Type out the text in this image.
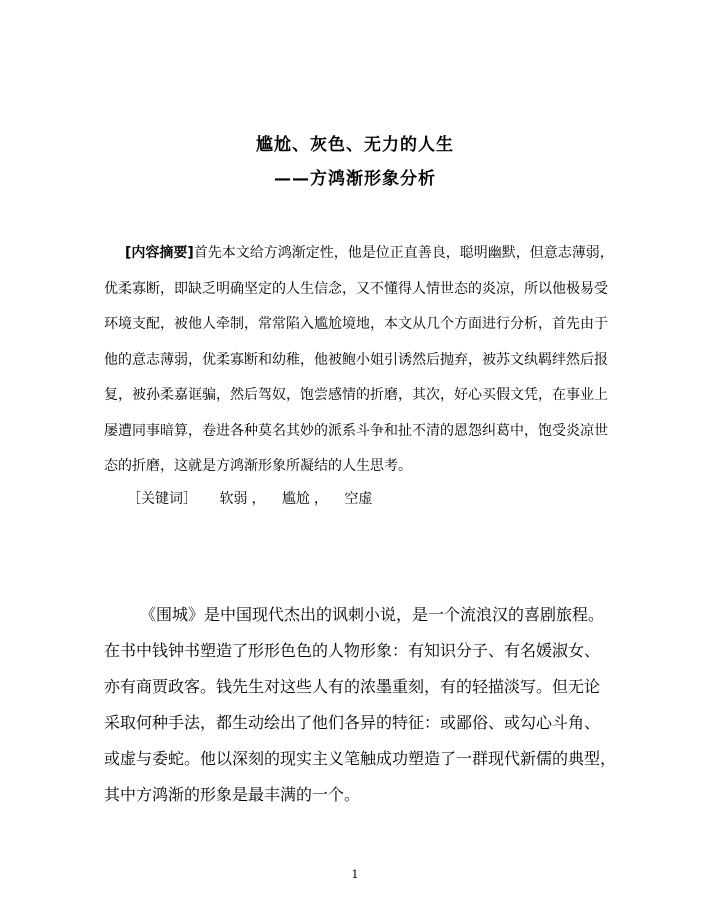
尴尬、灰色、无力的人生
——方鸿渐形象分析
[内容摘要]首先本文给方鸿渐定性，他是位正直善良，聪明幽默，但意志薄弱，
优柔寡断，即缺乏明确坚定的人生信念，又不懂得人情世态的炎凉，所以他极易受
环境支配，被他人牵制，常常陷入尴尬境地，本文从几个方面进行分析，首先由于
他的意志薄弱，优柔寡断和幼稚，他被鲍小姐引诱然后抛弃，被苏文纨羁绊然后报
复，被孙柔嘉诓骗，然后驾奴，饱尝感情的折磨，其次，好心买假文凭，在事业上
屡遭同事暗算，卷进各种莫名其妙的派系斗争和扯不清的恩怨纠葛中，饱受炎凉世
态的折磨，这就是方鸿渐形象所凝结的人生思考。
［关键词］ 软弱 ， 尴尬 ， 空虚
《围城》是中国现代杰出的讽刺小说，是一个流浪汉的喜剧旅程。
在书中钱钟书塑造了形形色色的人物形象：有知识分子、有名媛淑女、
亦有商贾政客。钱先生对这些人有的浓墨重刻，有的轻描淡写。但无论
采取何种手法，都生动绘出了他们各异的特征：或鄙俗、或勾心斗角、
或虚与委蛇。他以深刻的现实主义笔触成功塑造了一群现代新儒的典型，
其中方鸿渐的形象是最丰满的一个。
1
